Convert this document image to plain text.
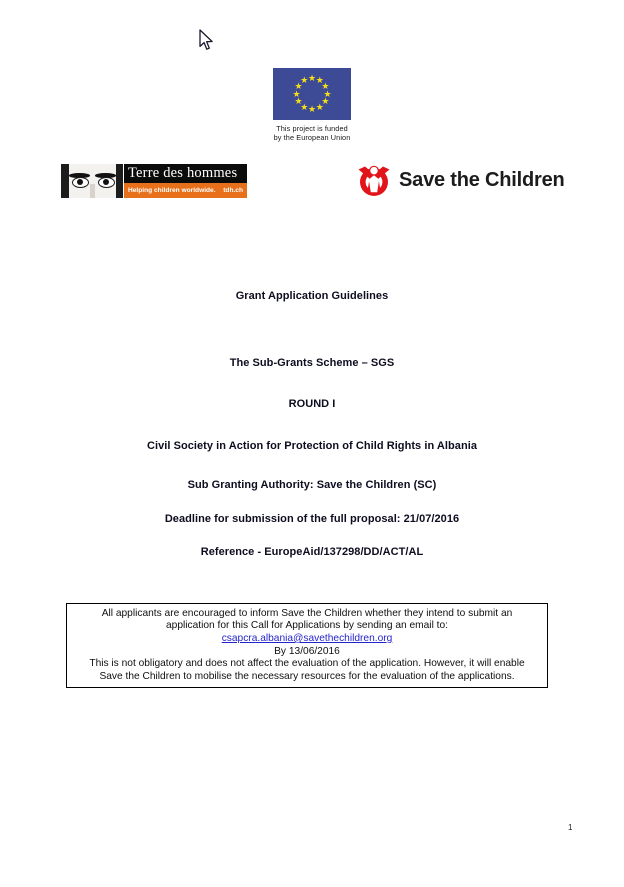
★ ★
★
★
★
★
★
★
★
★
★
★
This project is funded
by the European Union
Terre des hommes
Helping children worldwide. tdh.ch	Save the Children
Grant Application Guidelines
The Sub-Grants Scheme – SGS
ROUND I
Civil Society in Action for Protection of Child Rights in Albania
Sub Granting Authority: Save the Children (SC)
Deadline for submission of the full proposal: 21/07/2016
Reference - EuropeAid/137298/DD/ACT/AL

All applicants are encouraged to inform Save the Children whether they intend to submit an

application for this Call for Applications by sending an email to:

csapcra.albania@savethechildren.org

By 13/06/2016

This is not obligatory and does not affect the evaluation of the application. However, it will enable

Save the Children to mobilise the necessary resources for the evaluation of the applications.

1
